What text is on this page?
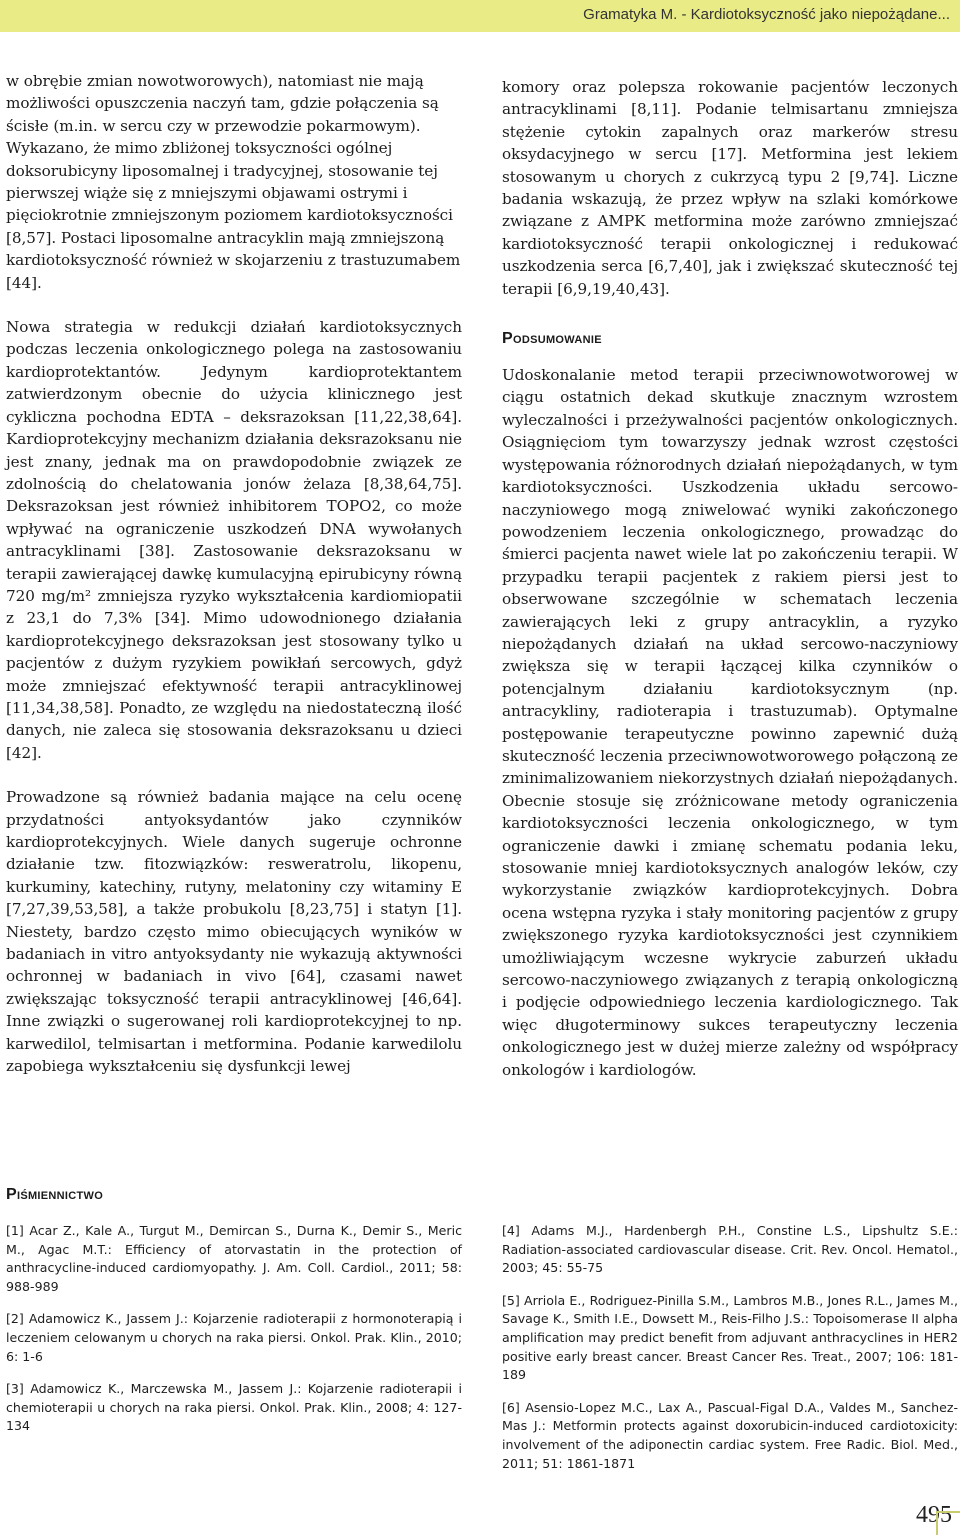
Gramatyka M. - Kardiotoksyczność jako niepożądane...

w obrębie zmian nowotworowych), natomiast nie mają możliwości opuszczenia naczyń tam, gdzie połączenia są ścisłe (m.in. w sercu czy w przewodzie pokarmowym). Wykazano, że mimo zbliżonej toksyczności ogólnej doksorubicyny liposomalnej i tradycyjnej, stosowanie tej pierwszej wiąże się z mniejszymi objawami ostrymi i pięciokrotnie zmniejszonym poziomem kardiotoksyczności [8,57]. Postaci liposomalne antracyklin mają zmniejszoną kardiotoksyczność również w skojarzeniu z trastuzumabem [44].

Nowa strategia w redukcji działań kardiotoksycznych podczas leczenia onkologicznego polega na zastosowaniu kardioprotektantów. Jedynym kardioprotektantem zatwierdzonym obecnie do użycia klinicznego jest cykliczna pochodna EDTA – deksrazoksan [11,22,38,64]. Kardioprotekcyjny mechanizm działania deksrazoksanu nie jest znany, jednak ma on prawdopodobnie związek ze zdolnością do chelatowania jonów żelaza [8,38,64,75]. Deksrazoksan jest również inhibitorem TOPO2, co może wpływać na ograniczenie uszkodzeń DNA wywołanych antracyklinami [38]. Zastosowanie deksrazoksanu w terapii zawierającej dawkę kumulacyjną epirubicyny równą 720 mg/m² zmniejsza ryzyko wykształcenia kardiomiopatii z 23,1 do 7,3% [34]. Mimo udowodnionego działania kardioprotekcyjnego deksrazoksan jest stosowany tylko u pacjentów z dużym ryzykiem powikłań sercowych, gdyż może zmniejszać efektywność terapii antracyklinowej [11,34,38,58]. Ponadto, ze względu na niedostateczną ilość danych, nie zaleca się stosowania deksrazoksanu u dzieci [42].

Prowadzone są również badania mające na celu ocenę przydatności antyoksydantów jako czynników kardioprotekcyjnych. Wiele danych sugeruje ochronne działanie tzw. fitozwiązków: resweratrolu, likopenu, kurkuminy, katechiny, rutyny, melatoniny czy witaminy E [7,27,39,53,58], a także probukolu [8,23,75] i statyn [1]. Niestety, bardzo często mimo obiecujących wyników w badaniach in vitro antyoksydanty nie wykazują aktywności ochronnej w badaniach in vivo [64], czasami nawet zwiększając toksyczność terapii antracyklinowej [46,64]. Inne związki o sugerowanej roli kardioprotekcyjnej to np. karwedilol, telmisartan i metformina. Podanie karwedilolu zapobiega wykształceniu się dysfunkcji lewej

komory oraz polepsza rokowanie pacjentów leczonych antracyklinami [8,11]. Podanie telmisartanu zmniejsza stężenie cytokin zapalnych oraz markerów stresu oksydacyjnego w sercu [17]. Metformina jest lekiem stosowanym u chorych z cukrzycą typu 2 [9,74]. Liczne badania wskazują, że przez wpływ na szlaki komórkowe związane z AMPK metformina może zarówno zmniejszać kardiotoksyczność terapii onkologicznej i redukować uszkodzenia serca [6,7,40], jak i zwiększać skuteczność tej terapii [6,9,19,40,43].

Podsumowanie

Udoskonalanie metod terapii przeciwnowotworowej w ciągu ostatnich dekad skutkuje znacznym wzrostem wyleczalności i przeżywalności pacjentów onkologicznych. Osiągnięciom tym towarzyszy jednak wzrost częstości występowania różnorodnych działań niepożądanych, w tym kardiotoksyczności. Uszkodzenia układu sercowo-naczyniowego mogą zniwelować wyniki zakończonego powodzeniem leczenia onkologicznego, prowadząc do śmierci pacjenta nawet wiele lat po zakończeniu terapii. W przypadku terapii pacjentek z rakiem piersi jest to obserwowane szczególnie w schematach leczenia zawierających leki z grupy antracyklin, a ryzyko niepożądanych działań na układ sercowo-naczyniowy zwiększa się w terapii łączącej kilka czynników o potencjalnym działaniu kardiotoksycznym (np. antracykliny, radioterapia i trastuzumab). Optymalne postępowanie terapeutyczne powinno zapewnić dużą skuteczność leczenia przeciwnowotworowego połączoną ze zminimalizowaniem niekorzystnych działań niepożądanych. Obecnie stosuje się zróżnicowane metody ograniczenia kardiotoksyczności leczenia onkologicznego, w tym ograniczenie dawki i zmianę schematu podania leku, stosowanie mniej kardiotoksycznych analogów leków, czy wykorzystanie związków kardioprotekcyjnych. Dobra ocena wstępna ryzyka i stały monitoring pacjentów z grupy zwiększonego ryzyka kardiotoksyczności jest czynnikiem umożliwiającym wczesne wykrycie zaburzeń układu sercowo-naczyniowego związanych z terapią onkologiczną i podjęcie odpowiedniego leczenia kardiologicznego. Tak więc długoterminowy sukces terapeutyczny leczenia onkologicznego jest w dużej mierze zależny od współpracy onkologów i kardiologów.

Piśmiennictwo

[1] Acar Z., Kale A., Turgut M., Demircan S., Durna K., Demir S., Meric M., Agac M.T.: Efficiency of atorvastatin in the protection of anthracycline-induced cardiomyopathy. J. Am. Coll. Cardiol., 2011; 58: 988-989

[2] Adamowicz K., Jassem J.: Kojarzenie radioterapii z hormonoterapią i leczeniem celowanym u chorych na raka piersi. Onkol. Prak. Klin., 2010; 6: 1-6

[3] Adamowicz K., Marczewska M., Jassem J.: Kojarzenie radioterapii i chemioterapii u chorych na raka piersi. Onkol. Prak. Klin., 2008; 4: 127-134

[4] Adams M.J., Hardenbergh P.H., Constine L.S., Lipshultz S.E.: Radiation-associated cardiovascular disease. Crit. Rev. Oncol. Hematol., 2003; 45: 55-75

[5] Arriola E., Rodriguez-Pinilla S.M., Lambros M.B., Jones R.L., James M., Savage K., Smith I.E., Dowsett M., Reis-Filho J.S.: Topoisomerase II alpha amplification may predict benefit from adjuvant anthracyclines in HER2 positive early breast cancer. Breast Cancer Res. Treat., 2007; 106: 181-189

[6] Asensio-Lopez M.C., Lax A., Pascual-Figal D.A., Valdes M., Sanchez-Mas J.: Metformin protects against doxorubicin-induced cardiotoxicity: involvement of the adiponectin cardiac system. Free Radic. Biol. Med., 2011; 51: 1861-1871

495
